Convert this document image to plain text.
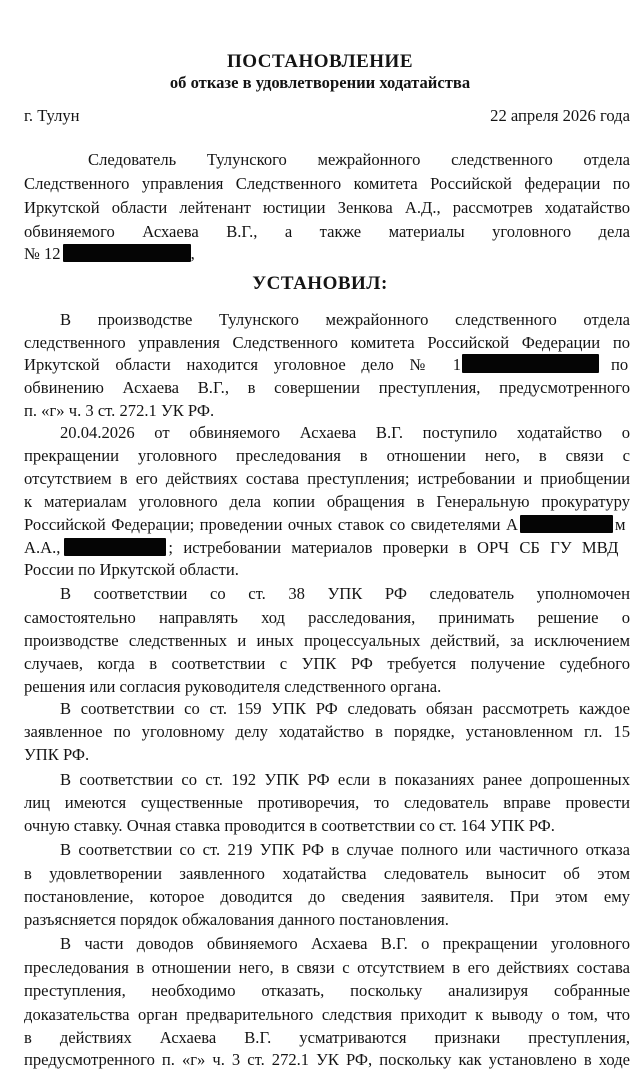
ПОСТАНОВЛЕНИЕ
об отказе в удовлетворении ходатайства
г. Тулун	22 апреля 2026 года
Следователь Тулунского межрайонного следственного отдела
Следственного управления Следственного комитета Российской федерации по
Иркутской области лейтенант юстиции Зенкова А.Д., рассмотрев ходатайство
обвиняемого Асхаева В.Г., а также материалы уголовного дела
№ 12	,
УСТАНОВИЛ:
В производстве Тулунского межрайонного следственного отдела
следственного управления Следственного комитета Российской Федерации по
Иркутской области находится уголовное дело № 1	по
обвинению Асхаева В.Г., в совершении преступления, предусмотренного
п. «г» ч. 3 ст. 272.1 УК РФ.
20.04.2026 от обвиняемого Асхаева В.Г. поступило ходатайство о
прекращении уголовного преследования в отношении него, в связи с
отсутствием в его действиях состава преступления; истребовании и приобщении
к материалам уголовного дела копии обращения в Генеральную прокуратуру
Российской Федерации; проведении очных ставок со свидетелями А	м
А.А.,	; истребовании материалов проверки в ОРЧ СБ ГУ МВД
России по Иркутской области.
В соответствии со ст. 38 УПК РФ следователь уполномочен
самостоятельно направлять ход расследования, принимать решение о
производстве следственных и иных процессуальных действий, за исключением
случаев, когда в соответствии с УПК РФ требуется получение судебного
решения или согласия руководителя следственного органа.
В соответствии со ст. 159 УПК РФ следовать обязан рассмотреть каждое
заявленное по уголовному делу ходатайство в порядке, установленном гл. 15
УПК РФ.
В соответствии со ст. 192 УПК РФ если в показаниях ранее допрошенных
лиц имеются существенные противоречия, то следователь вправе провести
очную ставку. Очная ставка проводится в соответствии со ст. 164 УПК РФ.
В соответствии со ст. 219 УПК РФ в случае полного или частичного отказа
в удовлетворении заявленного ходатайства следователь выносит об этом
постановление, которое доводится до сведения заявителя. При этом ему
разъясняется порядок обжалования данного постановления.
В части доводов обвиняемого Асхаева В.Г. о прекращении уголовного
преследования в отношении него, в связи с отсутствием в его действиях состава
преступления, необходимо отказать, поскольку анализируя собранные
доказательства орган предварительного следствия приходит к выводу о том, что
в действиях Асхаева В.Г. усматриваются признаки преступления,
предусмотренного п. «г» ч. 3 ст. 272.1 УК РФ, поскольку как установлено в ходе
